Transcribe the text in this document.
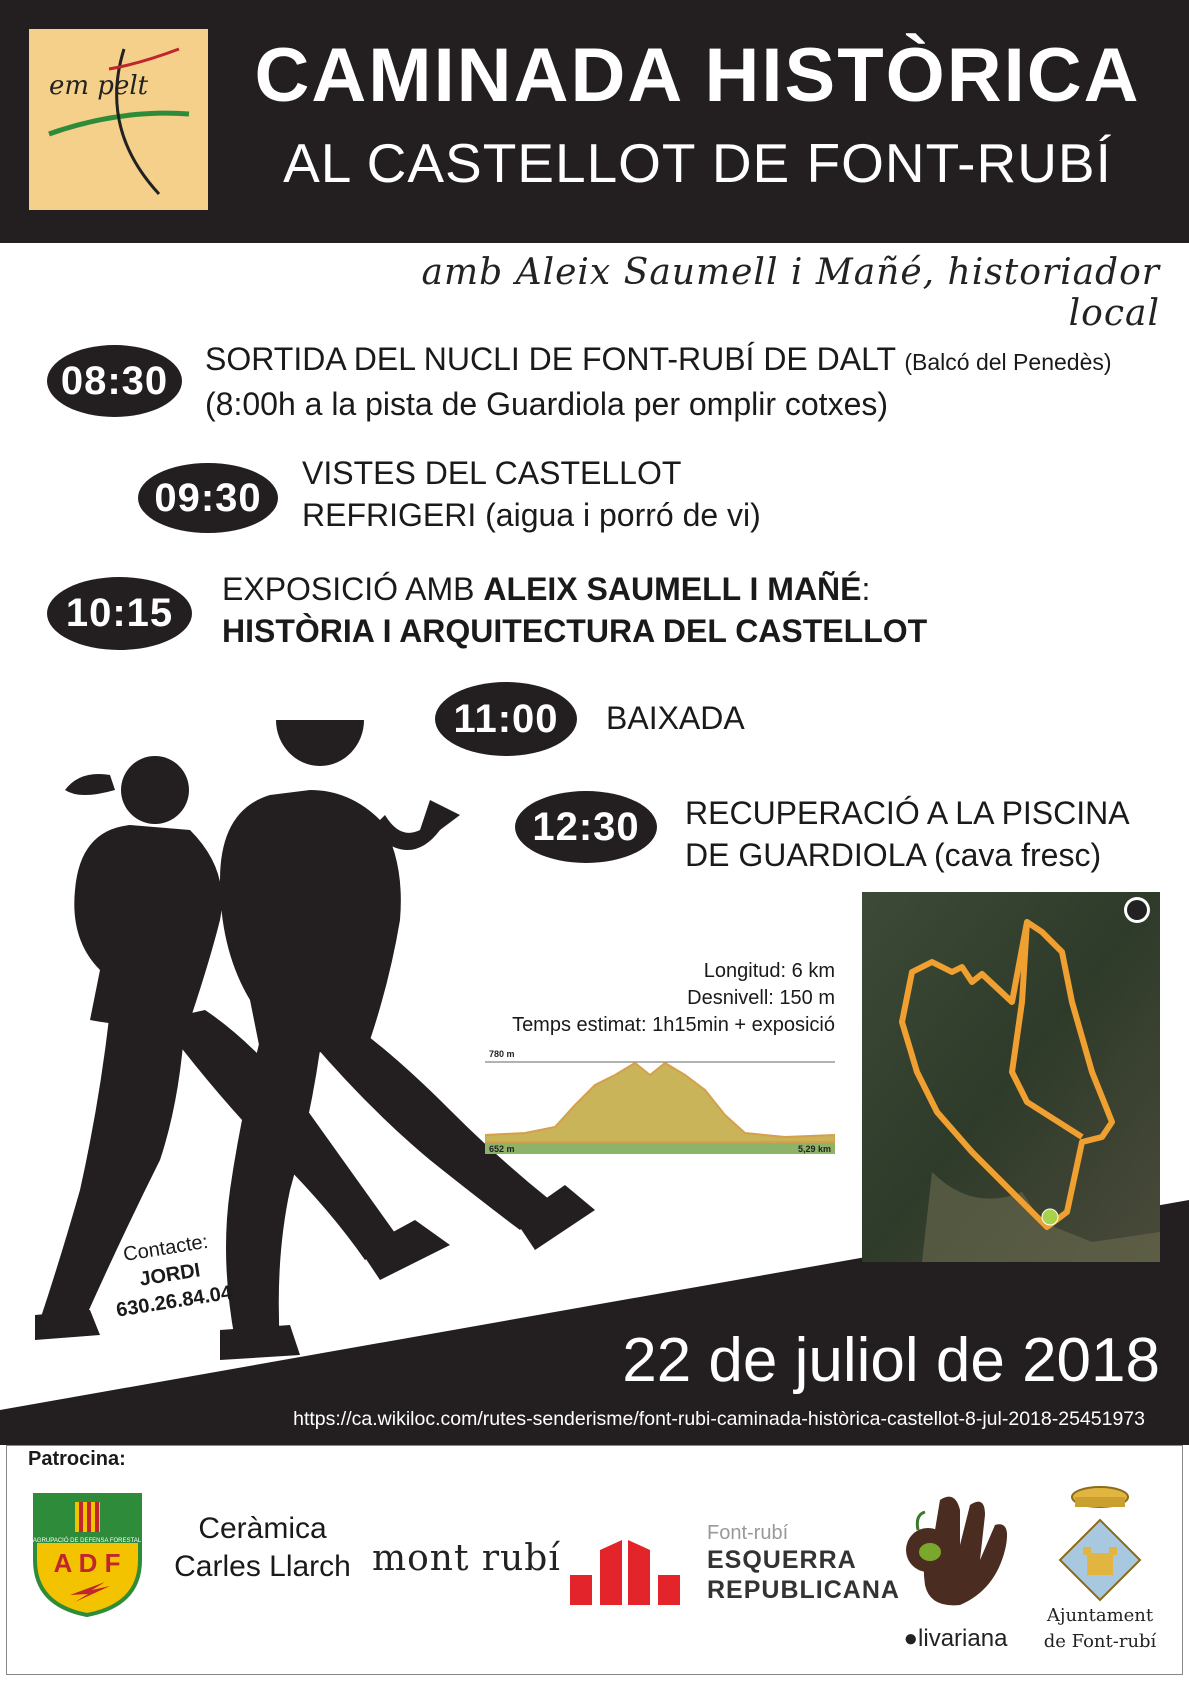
em pelt	CAMINADA HISTÒRICA
AL CASTELLOT DE FONT-RUBÍ
amb Aleix Saumell i Mañé, historiador local
08:30	SORTIDA DEL NUCLI DE FONT-RUBÍ DE DALT (Balcó del Penedès)
(8:00h a la pista de Guardiola per omplir cotxes)
09:30
VISTES DEL CASTELLOT
REFRIGERI (aigua i porró de vi)
10:15
EXPOSICIÓ AMB ALEIX SAUMELL I MAÑÉ:
HISTÒRIA I ARQUITECTURA DEL CASTELLOT
11:00	BAIXADA
12:30	RECUPERACIÓ A LA PISCINA
DE GUARDIOLA (cava fresc)
Contacte:
JORDI
630.26.84.04
Longitud: 6 km
Desnivell: 150 m
Temps estimat: 1h15min + exposició
780 m
652 m	5,29 km
22 de juliol de 2018
https://ca.wikiloc.com/rutes-senderisme/font-rubi-caminada-històrica-castellot-8-jul-2018-25451973
Patrocina:
AGRUPACIÓ DE DEFENSA FORESTAL
A D F
Ceràmica
Carles Llarch mont rubí
Font-rubí
ESQUERRA
REPUBLICANA
●livariana
Ajuntament
de Font-rubí
